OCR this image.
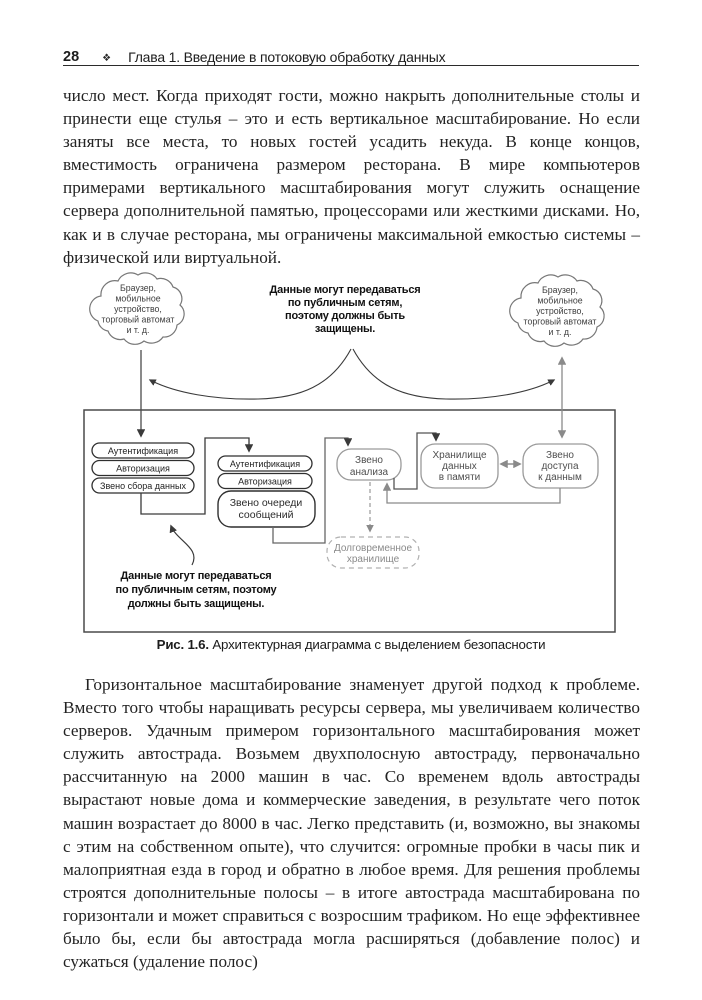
28 ❖ Глава 1. Введение в потоковую обработку данных
число мест. Когда приходят гости, можно накрыть дополнительные столы и принести еще стулья – это и есть вертикальное масштабирование. Но если заняты все места, то новых гостей усадить некуда. В конце концов, вместимость ограничена размером ресторана. В мире компьютеров примерами вертикального масштабирования могут служить оснащение сервера дополнительной памятью, процессорами или жесткими дисками. Но, как и в случае ресторана, мы ограничены максимальной емкостью системы – физической или виртуальной.
Горизонтальное масштабирование знаменует другой подход к проблеме. Вместо того чтобы наращивать ресурсы сервера, мы увеличиваем количество серверов. Удачным примером горизонтального масштабирования может служить автострада. Возьмем двухполосную автостраду, первоначально рассчитанную на 2000 машин в час. Со временем вдоль автострады вырастают новые дома и коммерческие заведения, в результате чего поток машин возрастает до 8000 в час. Легко представить (и, возможно, вы знакомы с этим на собственном опыте), что случится: огромные пробки в часы пик и малоприятная езда в город и обратно в любое время. Для решения проблемы строятся дополнительные полосы – в итоге автострада масштабирована по горизонтали и может справиться с возросшим трафиком. Но еще эффективнее было бы, если бы автострада могла расширяться (добавление полос) и сужаться (удаление полос)
Браузер,
мобильное
устройство,
торговый автомат
и т. д.
Браузер,
мобильное
устройство,
торговый автомат
и т. д.
Данные могут передаваться
по публичным сетям,
поэтому должны быть
защищены.
Аутентификация
Авторизация
Звено сбора данных
Аутентификация
Авторизация
Звено очереди
сообщений
Звено
анализа
Долговременное
хранилище
Хранилище
данных
в памяти
Звено
доступа
к данным
Данные могут передаваться
по публичным сетям, поэтому
должны быть защищены.
Рис. 1.6. Архитектурная диаграмма с выделением безопасности
